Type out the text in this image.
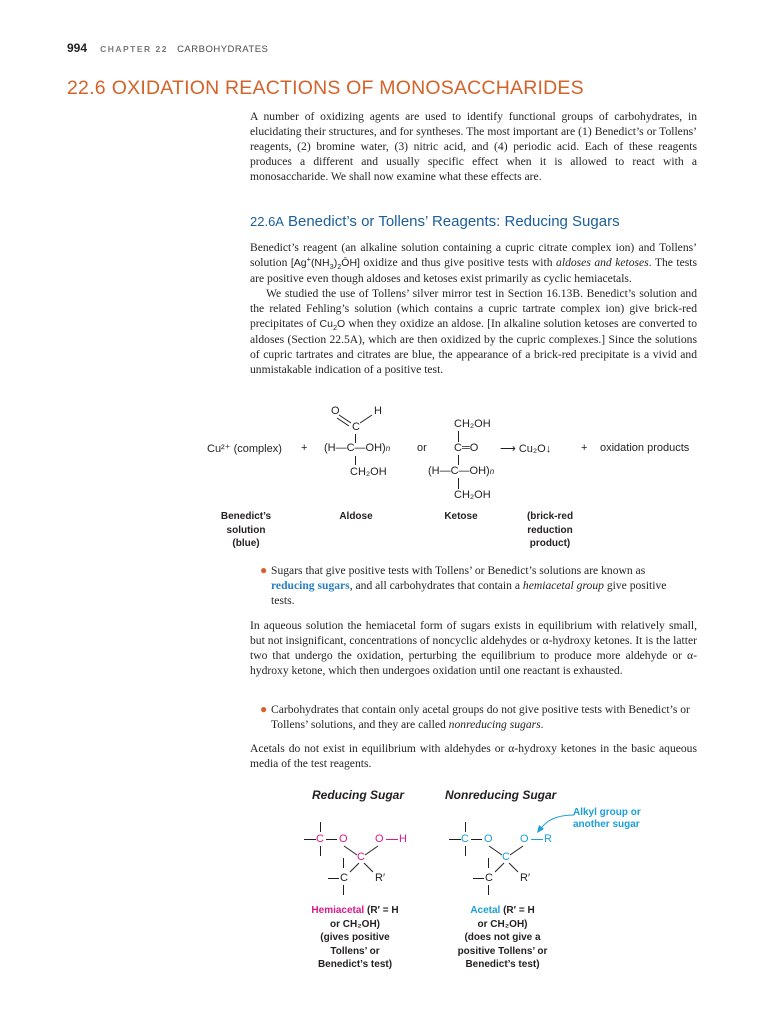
994 CHAPTER 22 CARBOHYDRATES
22.6 OXIDATION REACTIONS OF MONOSACCHARIDES

A number of oxidizing agents are used to identify functional groups of carbohydrates, in elucidating their structures, and for syntheses. The most important are (1) Benedict’s or Tollens’ reagents, (2) bromine water, (3) nitric acid, and (4) periodic acid. Each of these reagents produces a different and usually specific effect when it is allowed to react with a monosaccharide. We shall now examine what these effects are.

22.6A Benedict’s or Tollens’ Reagents: Reducing Sugars

Benedict’s reagent (an alkaline solution containing a cupric citrate complex ion) and Tollens’ solution $[Ag^+(NH_3)_2ŌH]$ oxidize and thus give positive tests with aldoses and ketoses. The tests are positive even though aldoses and ketoses exist primarily as cyclic hemiacetals.

We studied the use of Tollens’ silver mirror test in Section 16.13B. Benedict’s solution and the related Fehling’s solution (which contains a cupric tartrate complex ion) give brick-red precipitates of $Cu_2O$ when they oxidize an aldose. [In alkaline solution ketoses are converted to aldoses (Section 22.5A), which are then oxidized by the cupric complexes.] Since the solutions of cupric tartrates and citrates are blue, the appearance of a brick-red precipitate is a vivid and unmistakable indication of a positive test.

Cu²⁺ (complex) +
O	H
C
(H—C—OH)n
CH₂OH
or
CH₂OH
C═O
(H—C—OH)n
CH₂OH
⟶ Cu₂O↓	+ oxidation products
Benedict’s
solution
(blue)
Aldose	Ketose	(brick-red
reduction
product)
● Sugars that give positive tests with Tollens’ or Benedict’s solutions are known as reducing sugars, and all carbohydrates that contain a hemiacetal group give positive tests.

In aqueous solution the hemiacetal form of sugars exists in equilibrium with relatively small, but not insignificant, concentrations of noncyclic aldehydes or α-hydroxy ketones. It is the latter two that undergo the oxidation, perturbing the equilibrium to produce more aldehyde or α-hydroxy ketone, which then undergoes oxidation until one reactant is exhausted.

● Carbohydrates that contain only acetal groups do not give positive tests with Benedict’s or Tollens’ solutions, and they are called nonreducing sugars.

Acetals do not exist in equilibrium with aldehydes or α-hydroxy ketones in the basic aqueous media of the test reagents.

Reducing Sugar	Nonreducing Sugar
Alkyl group or
another sugar
C O O H
C
C R′
C O O R
C
C R′
Hemiacetal (R′ = H
or CH₂OH)
(gives positive
Tollens’ or
Benedict’s test)
Acetal (R′ = H
or CH₂OH)
(does not give a
positive Tollens’ or
Benedict’s test)
